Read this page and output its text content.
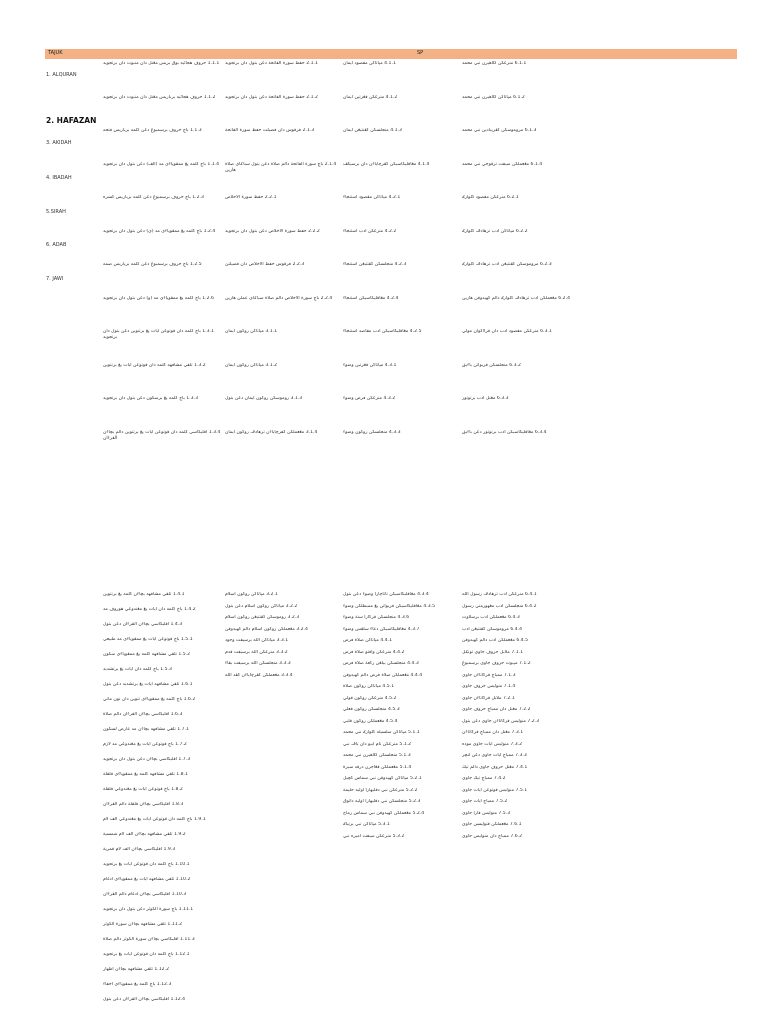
TAJUK	SP
1. ALQURAN
2. HAFAZAN
3. AKIDAH
4. IBADAH
5.SIRAH
6. ADAB
7. JAWI
1.1.1 حروف هجائيه بوق بريس مڠنل دان منبوت دان برتجويد
1.1.2 حروف هجائيه برباريس مڠنل دان منبوت دان برتجويد
1.1.3 باچ حروف برسمبوڠ دڠن كلمه برباريس فتحه
1.1.4 باچ كلمه يڠ ممڤوڽاءي مد (الف) دڠن بتول دان برتجويد
1.2.3 باچ حروف برسمبوڠ دڠن كلمه برباريس كسره
1.2.4 باچ كلمه يڠ ممڤوڽاءي مد (ي) دڠن بتول دان برتجويد
1.2.5 باچ حروف برسمبوڠ دڠن كلمه برباريس ضمه
1.2.6 باچ كلمه يڠ ممڤوڽاءي مد (و) دڠن بتول دان برتجويد
1.3.1 باچ كلمه دان ڤوتوڠن ايات يڠ برتنوين دڠن بتول دان برتجويد
1.3.2 تلقي مشافهه كلمه دان ڤوتوڠن ايات يڠ برتنوين
1.3.3 باچ كلمه يڠ برسكون دڠن بتول دان برتجويد
1.3.4 اڤليكاسي كلمه دان ڤوتوڠن ايات يڠ برتنوين دالم بچاءن القرءان
2.1.1 حفظ سورة الفاتحة دڠن بتول دان برتجويد
2.1.2 حفظ سورة الفاتحة دڠن بتول دان برتجويد
2.1.3 فرڤوس دان فضيلت حفظ سورة الفاتحة
2.1.4 باچ سورة الفاتحة دالم صلاة دڠن بتول سباݢاي صلاة هارين
2.2.1 حفظ سورة الاخلاص
2.2.2 حفظ سورة الاخلاص دڠن بتول دان برتجويد
2.2.3 فرڤوس حفظ الاخلاص دان فضيلتڽ
2.2.4 باچ سورة الاخلاص دالم صلاة سباݢاي عملن هارين
3.1.1 مڽاتاكن روكون ايمان
3.1.2 مڽاتاكن روكون ايمان
3.1.3 روموسكن روكون ايمان دڠن بتول
3.1.4 مڠعملكن كفرچاياءن ترهادڤ روكون ايمان
4.1.1 مڽاتاكن مقصود ايمان
4.1.2 منرڠكن ڤڠرتين ايمان
4.1.3 منجلسكن كڤنتيڠن ايمان
4.1.4 مڠاڤليكاسيكن كڤرچاياءن دان برسيكڤ
4.2.1 مڽاتاكن مقصود استنجاء
4.2.2 منرڠكن ادب استنجاء
4.2.3 منجلسكن كڤنتيڠن استنجاء
4.2.4 مڠاڤليكاسيكن استنجاء
4.2.5 مڠاڤليكاسيكن ادب مقاصد استنجاء
4.3.1 مڽاتاكن ڤڠرتين وضوء
4.3.2 منرڠكن فرض وضوء
4.3.3 منجلسكن روكون وضوء
6.1.1 منرڠكن كلاهيرن نبي محمد
6.1.2 مڽاتاكن كلاهيرن نبي محمد
6.1.3 مروموسكن كڤريبادين نبي محمد
6.1.4 مڠعملكن سيفت ترڤوجي نبي محمد
6.2.1 منرڠكن مقصود كلوارݢ
6.2.2 مڽاتاكن ادب ترهادڤ كلوارݢ
6.2.3 مروموسكن كڤنتيڠن ادب ترهادڤ كلوارݢ
6.2.4 مڠعملكن ادب ترهادڤ كلوارݢ دالم كهيدوڤن هارين
6.3.1 منرڠكن مقصود ادب دان ڤرلاكوان مولي
6.3.2 منجلسكن ڤربواتن باءيق
6.3.3 مڠنل ادب برتوتور
6.3.4 مڠاڤليكاسيكن ادب برتوتور دڠن باءيق
1.4.1 تلقي مشافهه بچاءن كلمه يڠ برتنوين
1.4.2 باچ كلمه دان ايات يڠ مڠندوڠي هوروف مد
1.4.3 اڤليكاسي بچاءن القرءان دڠن بتول
1.5.1 باچ ڤوتوڠن ايات يڠ ممڤوڽاءي مد طبيعي
1.5.2 تلقي مشافهه كلمه يڠ ممڤوڽاءي سكون
1.5.3 باچ كلمه دان ايات يڠ برتشديد
1.6.1 تلقي مشافهه ايات يڠ برتشديد دڠن بتول
1.6.2 باچ كلمه يڠ ممڤوڽاءي تنوين دان نون ماتي
1.6.3 اڤليكاسي بچاءن القرءان دالم صلاة
1.7.1 تلقي مشافهه بچاءن مد عارض لسكون
1.7.2 باچ ڤوتوڠن ايات يڠ مڠندوڠي مد لازم
1.7.3 اڤليكاسي بچاءن دڠن بتول دان برتجويد
1.8.1 تلقي مشافهه كلمه يڠ ممڤوڽاءي قلقلة
1.8.2 باچ ڤوتوڠن ايات يڠ مڠندوڠي قلقلة
1.8.3 اڤليكاسي بچاءن قلقلة دالم القرءان
1.9.1 باچ كلمه دان ڤوتوڠن ايات يڠ مڠندوڠي الف لام
1.9.2 تلقي مشافهه بچاءن الف لام شمسية
1.9.3 اڤليكاسي بچاءن الف لام قمرية
1.10.1 باچ كلمه دان ڤوتوڠن ايات يڠ برتجويد
1.10.2 تلقي مشافهه ايات يڠ ممڤوڽاءي ادغام
1.10.3 اڤليكاسي بچاءن ادغام دالم القرءان
1.11.1 باچ سورة الكوثر دڠن بتول دان برتجويد
1.11.2 تلقي مشافهه بچاءن سورة الكوثر
1.11.3 اڤليكاسي بچاءن سورة الكوثر دالم صلاة
1.12.1 باچ كلمه دان ڤوتوڠن ايات يڠ برتجويد
1.12.2 تلقي مشافهه بچاءن اظهار
1.12.3 باچ كلمه يڠ ممڤوڽاءي اخفاء
1.12.4 اڤليكاسي بچاءن القرءان دڠن بتول
3.2.1 مڽاتاكن روكون اسلام
3.2.2 مڽاتاكن روكون اسلام دڠن بتول
3.2.3 روموسكن كڤنتيڠن روكون اسلام
3.2.4 مڠعملكن روكون اسلام دالم كهيدوڤن
3.3.1 مڽاتاكن الله برسيفت وجود
3.3.2 منرڠكن الله برسيفت قدم
3.3.3 منجلسكن الله برسيفت بقاء
3.3.4 مڠعملكن كڤرچاياءن كڤد الله
4.3.4 مڠاڤليكاسيكن تاتاچارا وضوء دڠن بتول
4.3.5 مڠاڤليكاسيكن ڤربواتن يڠ ممبطلكن وضوء
4.3.6 منجلسكن ڤركارا سنة وضوء
4.3.7 مڠاڤليكاسيكن دعاء سلڤس وضوء
4.4.1 مڽاتاكن صلاة فرض
4.4.2 منرڠكن واقتو صلاة فرض
4.4.3 منجلسكن بيلڠن ركعة صلاة فرض
4.4.4 مڠعملكن صلاة فرض دالم كهيدوڤن
4.5.1 مڽاتاكن روكون صلاة
4.5.2 منرڠكن روكون قولي
4.5.3 منجلسكن روكون فعلي
4.5.4 مڠعملكن روكون قلبي
5.1.1 مڽاتاكن سلسيله كلوارݢ نبي محمد
5.1.2 منرڠكن نام ايبو دان باڤ نبي
5.1.3 منجلسكن كلاهيرن نبي محمد
5.1.4 مڠعملكن ڤڠاجرن درڤد سيرة
5.2.1 مڽاتاكن كهيدوڤن نبي سماس كچيل
5.2.2 منرڠكن نبي دڤليهارا اوليه حليمة
5.2.3 منجلسكن نبي دڤليهارا اوليه داتوق
5.2.4 مڠعملكن كهيدوڤن نبي سماس رماج
5.3.1 مڽاتاكن نبي برنياݢ
5.3.2 منرڠكن سيفت اميره نبي
6.4.1 منرڠكن ادب ترهادڤ رسول الله
6.4.2 منجلسكن ادب مڠهورمتي رسول
6.4.3 مڠعملكن ادب برسلاوت
6.4.4 مروموسكن كڤنتيڠن ادب
6.4.5 مڠعملكن ادب دالم كهيدوڤن
7.1.1 ملابل حروف جاوي تونݢل
7.1.2 مڽبوت حروف جاوي برسمبوڠ
7.1.3 ممباچ ڤركاتاءن جاوي
7.1.4 منوليس حروف جاوي
7.2.1 ملابل ڤركاتاءن جاوي
7.2.2 مڠنل دان ممباچ حروف جاوي
7.2.3 منوليس ڤركاتاءن جاوي دڠن بتول
7.3.1 مڠنل دان ممباچ ڤركاتاءن
7.3.2 منوليس ايات جاوي موده
7.3.3 ممباچ ايات جاوي دڠن لنچر
7.4.1 مڠنل حروف جاوي دالم تيك
7.4.2 ممباچ تيك جاوي
7.5.1 منوليس ڤوتوڠن ايات جاوي
7.5.2 ممباچ ايات جاوي
7.5.3 منوليس ڤارا جاوي
7.6.1 مڠعملكن ڤنوليسن جاوي
7.6.2 ممباچ دان منوليس جاوي
